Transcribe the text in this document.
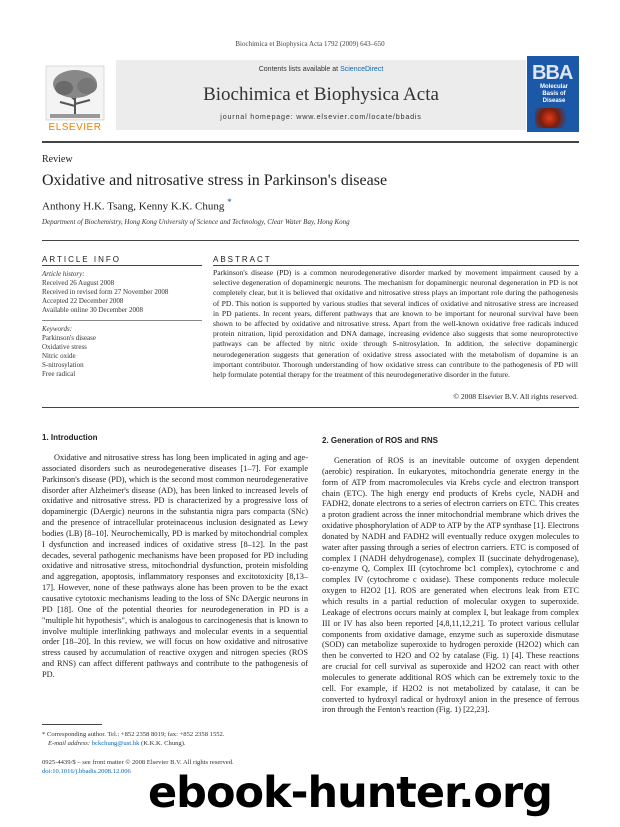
Biochimica et Biophysica Acta 1792 (2009) 643–650
ELSEVIER
Contents lists available at ScienceDirect
Biochimica et Biophysica Acta
journal homepage: www.elsevier.com/locate/bbadis
BBA
Molecular Basis of Disease
Review
Oxidative and nitrosative stress in Parkinson's disease
Anthony H.K. Tsang, Kenny K.K. Chung *
Department of Biochemistry, Hong Kong University of Science and Technology, Clear Water Bay, Hong Kong
ARTICLE INFO	ABSTRACT
Article history:
Received 26 August 2008
Received in revised form 27 November 2008
Accepted 22 December 2008
Available online 30 December 2008
Keywords:
Parkinson's disease
Oxidative stress
Nitric oxide
S-nitrosylation
Free radical
Parkinson's disease (PD) is a common neurodegenerative disorder marked by movement impairment caused by a selective degeneration of dopaminergic neurons. The mechanism for dopaminergic neuronal degeneration in PD is not completely clear, but it is believed that oxidative and nitrosative stress plays an important role during the pathogenesis of PD. This notion is supported by various studies that several indices of oxidative and nitrosative stress are increased in PD patients. In recent years, different pathways that are known to be important for neuronal survival have been shown to be affected by oxidative and nitrosative stress. Apart from the well-known oxidative free radicals induced protein nitration, lipid peroxidation and DNA damage, increasing evidence also suggests that some neuroprotective pathways can be affected by nitric oxide through S-nitrosylation. In addition, the selective dopaminergic neurodegeneration suggests that generation of oxidative stress associated with the metabolism of dopamine is an important contributor. Thorough understanding of how oxidative stress can contribute to the pathogenesis of PD will help formulate potential therapy for the treatment of this neurodegenerative disorder in the future.
© 2008 Elsevier B.V. All rights reserved.
1. Introduction

Oxidative and nitrosative stress has long been implicated in aging and age-associated disorders such as neurodegenerative diseases [1–7]. For example Parkinson's disease (PD), which is the second most common neurodegenerative disorder after Alzheimer's disease (AD), has been linked to increased levels of oxidative and nitrosative stress. PD is characterized by a progressive loss of dopaminergic (DAergic) neurons in the substantia nigra pars compacta (SNc) and the presence of intracellular proteinaceous inclusion designated as Lewy bodies (LB) [8–10]. Neurochemically, PD is marked by mitochondrial complex I dysfunction and increased indices of oxidative stress [8–12]. In the past decades, several pathogenic mechanisms have been proposed for PD including oxidative and nitrosative stress, mitochondrial dysfunction, protein misfolding and aggregation, apoptosis, inflammatory responses and excitotoxicity [8,13–17]. However, none of these pathways alone has been proven to be the exact causative cytotoxic mechanisms leading to the loss of SNc DAergic neurons in PD [18]. One of the potential theories for neurodegeneration in PD is a "multiple hit hypothesis", which is analogous to carcinogenesis that is known to involve multiple interlinking pathways and molecular events in a sequential order [18–20]. In this review, we will focus on how oxidative and nitrosative stress caused by accumulation of reactive oxygen and nitrogen species (ROS and RNS) can affect different pathways and contribute to the pathogenesis of PD.

2. Generation of ROS and RNS

Generation of ROS is an inevitable outcome of oxygen dependent (aerobic) respiration. In eukaryotes, mitochondria generate energy in the form of ATP from macromolecules via Krebs cycle and electron transport chain (ETC). The high energy end products of Krebs cycle, NADH and FADH2, donate electrons to a series of electron carriers on ETC. This creates a proton gradient across the inner mitochondrial membrane which drives the oxidative phosphorylation of ADP to ATP by the ATP synthase [1]. Electrons donated by NADH and FADH2 will eventually reduce oxygen molecules to water after passing through a series of electron carriers. ETC is composed of complex I (NADH dehydrogenase), complex II (succinate dehydrogenase), co-enzyme Q, Complex III (cytochrome bc1 complex), cytochrome c and complex IV (cytochrome c oxidase). These components reduce molecule oxygen to H2O2 [1]. ROS are generated when electrons leak from ETC which results in a partial reduction of molecular oxygen to superoxide. Leakage of electrons occurs mainly at complex I, but leakage from complex III or IV has also been reported [4,8,11,12,21]. To protect various cellular components from oxidative damage, enzyme such as superoxide dismutase (SOD) can metabolize superoxide to hydrogen peroxide (H2O2) which can then be converted to H2O and O2 by catalase (Fig. 1) [4]. These reactions are crucial for cell survival as superoxide and H2O2 can react with other molecules to generate additional ROS which can be extremely toxic to the cell. For example, if H2O2 is not metabolized by catalase, it can be converted to hydroxyl radical or hydroxyl anion in the presence of ferrous iron through the Fenton's reaction (Fig. 1) [22,23].

* Corresponding author. Tel.: +852 2358 8019; fax: +852 2358 1552.
E-mail address: bckchung@ust.hk (K.K.K. Chung).
0925-4439/$ – see front matter © 2008 Elsevier B.V. All rights reserved.
doi:10.1016/j.bbadis.2008.12.006 ebook-hunter.org
